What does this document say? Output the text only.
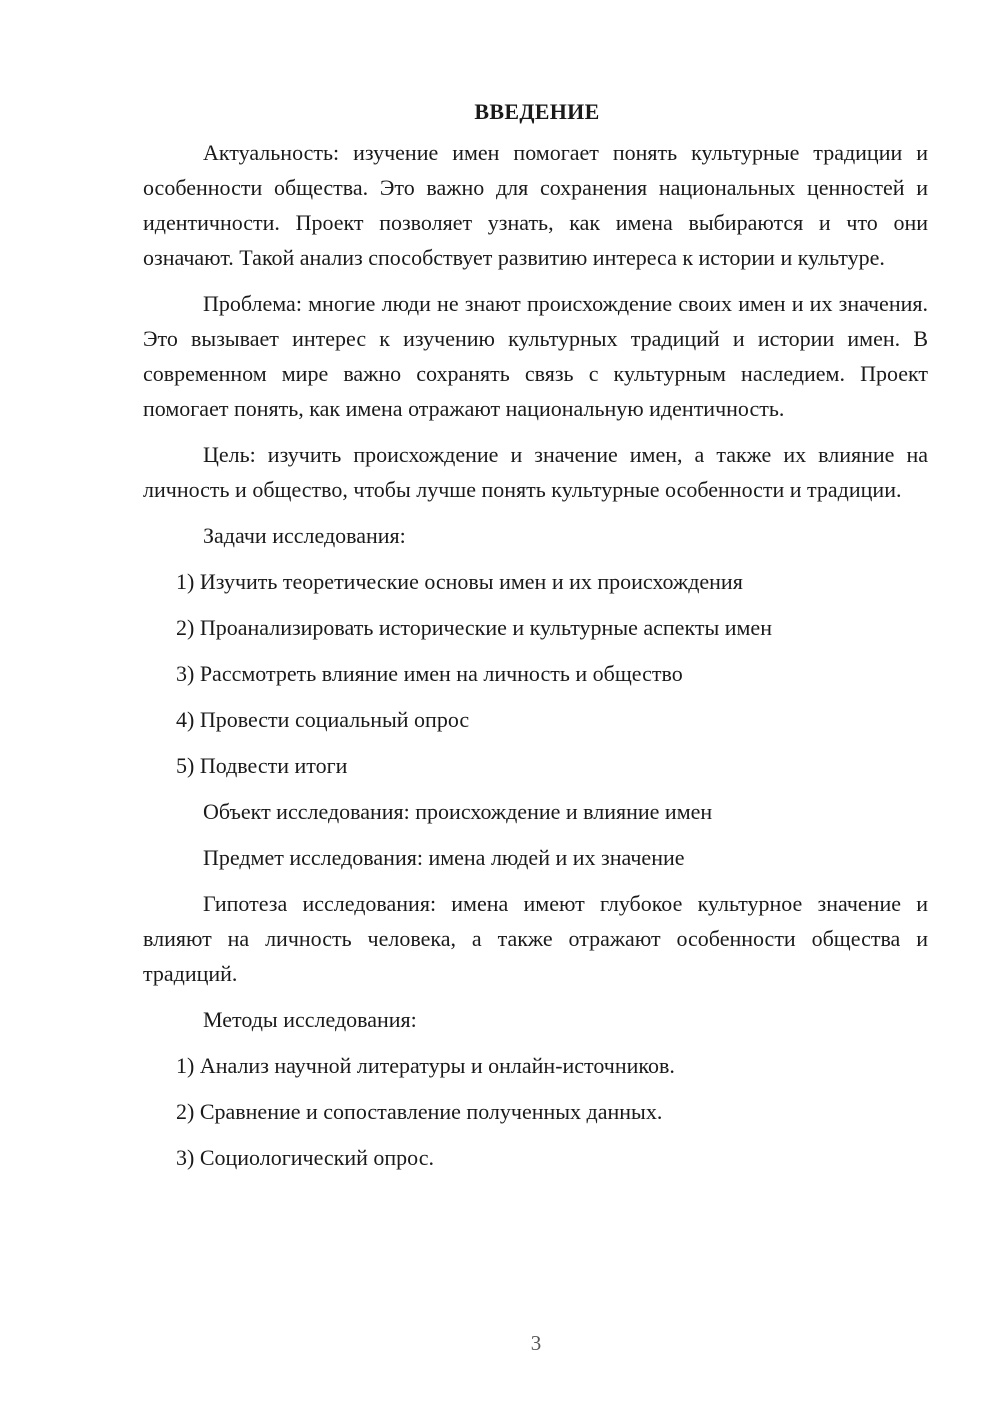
ВВЕДЕНИЕ

Актуальность: изучение имен помогает понять культурные традиции и особенности общества. Это важно для сохранения национальных ценностей и идентичности. Проект позволяет узнать, как имена выбираются и что они означают. Такой анализ способствует развитию интереса к истории и культуре.

Проблема: многие люди не знают происхождение своих имен и их значения. Это вызывает интерес к изучению культурных традиций и истории имен. В современном мире важно сохранять связь с культурным наследием. Проект помогает понять, как имена отражают национальную идентичность.

Цель: изучить происхождение и значение имен, а также их влияние на личность и общество, чтобы лучше понять культурные особенности и традиции.

Задачи исследования:
1) Изучить теоретические основы имен и их происхождения
2) Проанализировать исторические и культурные аспекты имен
3) Рассмотреть влияние имен на личность и общество
4) Провести социальный опрос
5) Подвести итоги
Объект исследования: происхождение и влияние имен
Предмет исследования: имена людей и их значение

Гипотеза исследования: имена имеют глубокое культурное значение и влияют на личность человека, а также отражают особенности общества и традиций.

Методы исследования:
1) Анализ научной литературы и онлайн-источников.
2) Сравнение и сопоставление полученных данных.
3) Социологический опрос.
3
